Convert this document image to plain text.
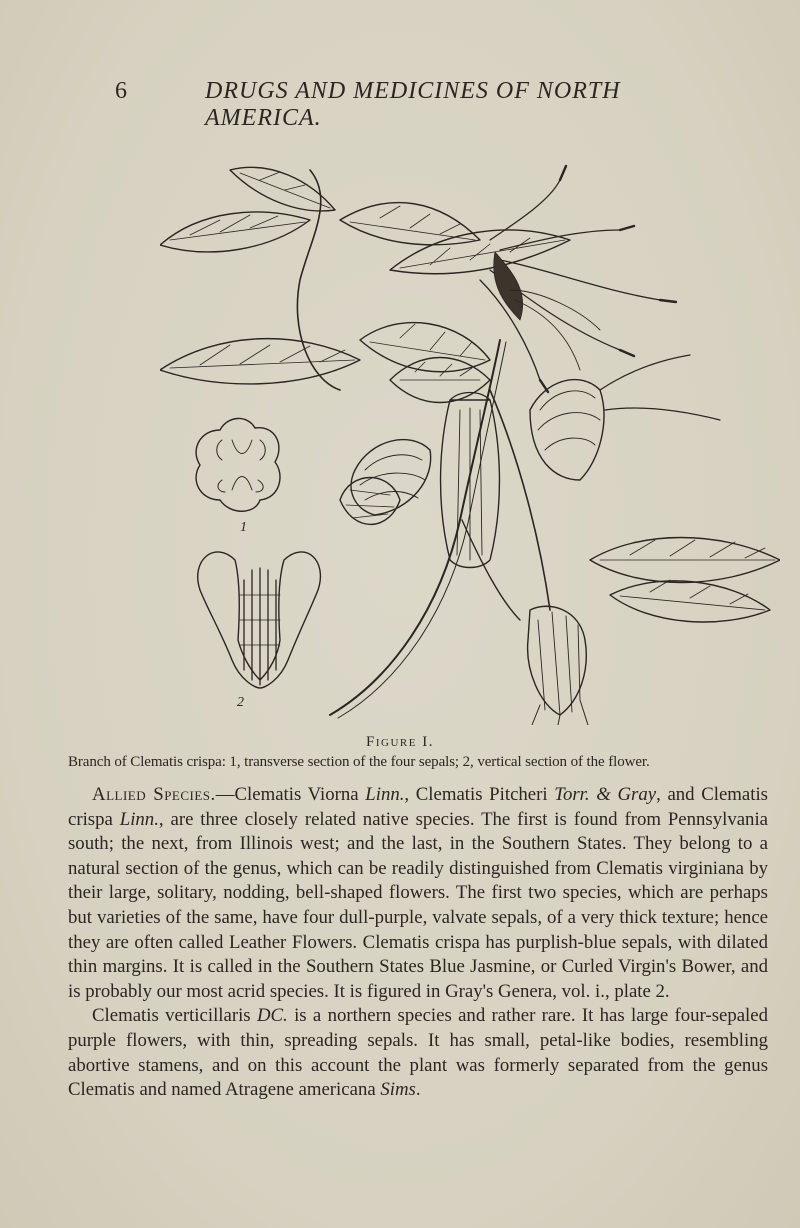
6	DRUGS AND MEDICINES OF NORTH AMERICA.
1
2
Figure I.
Branch of Clematis crispa: 1, transverse section of the four sepals; 2, vertical section of the flower.

Allied Species.—Clematis Viorna Linn., Clematis Pitcheri Torr. & Gray, and Clematis crispa Linn., are three closely related native species. The first is found from Pennsylvania south; the next, from Illinois west; and the last, in the Southern States. They belong to a natural section of the genus, which can be readily distinguished from Clematis virginiana by their large, solitary, nodding, bell-shaped flowers. The first two species, which are perhaps but varieties of the same, have four dull-purple, valvate sepals, of a very thick texture; hence they are often called Leather Flowers. Clematis crispa has purplish-blue sepals, with dilated thin margins. It is called in the Southern States Blue Jasmine, or Curled Virgin's Bower, and is probably our most acrid species. It is figured in Gray's Genera, vol. i., plate 2.

Clematis verticillaris DC. is a northern species and rather rare. It has large four-sepaled purple flowers, with thin, spreading sepals. It has small, petal-like bodies, resembling abortive stamens, and on this account the plant was formerly separated from the genus Clematis and named Atragene americana Sims.
